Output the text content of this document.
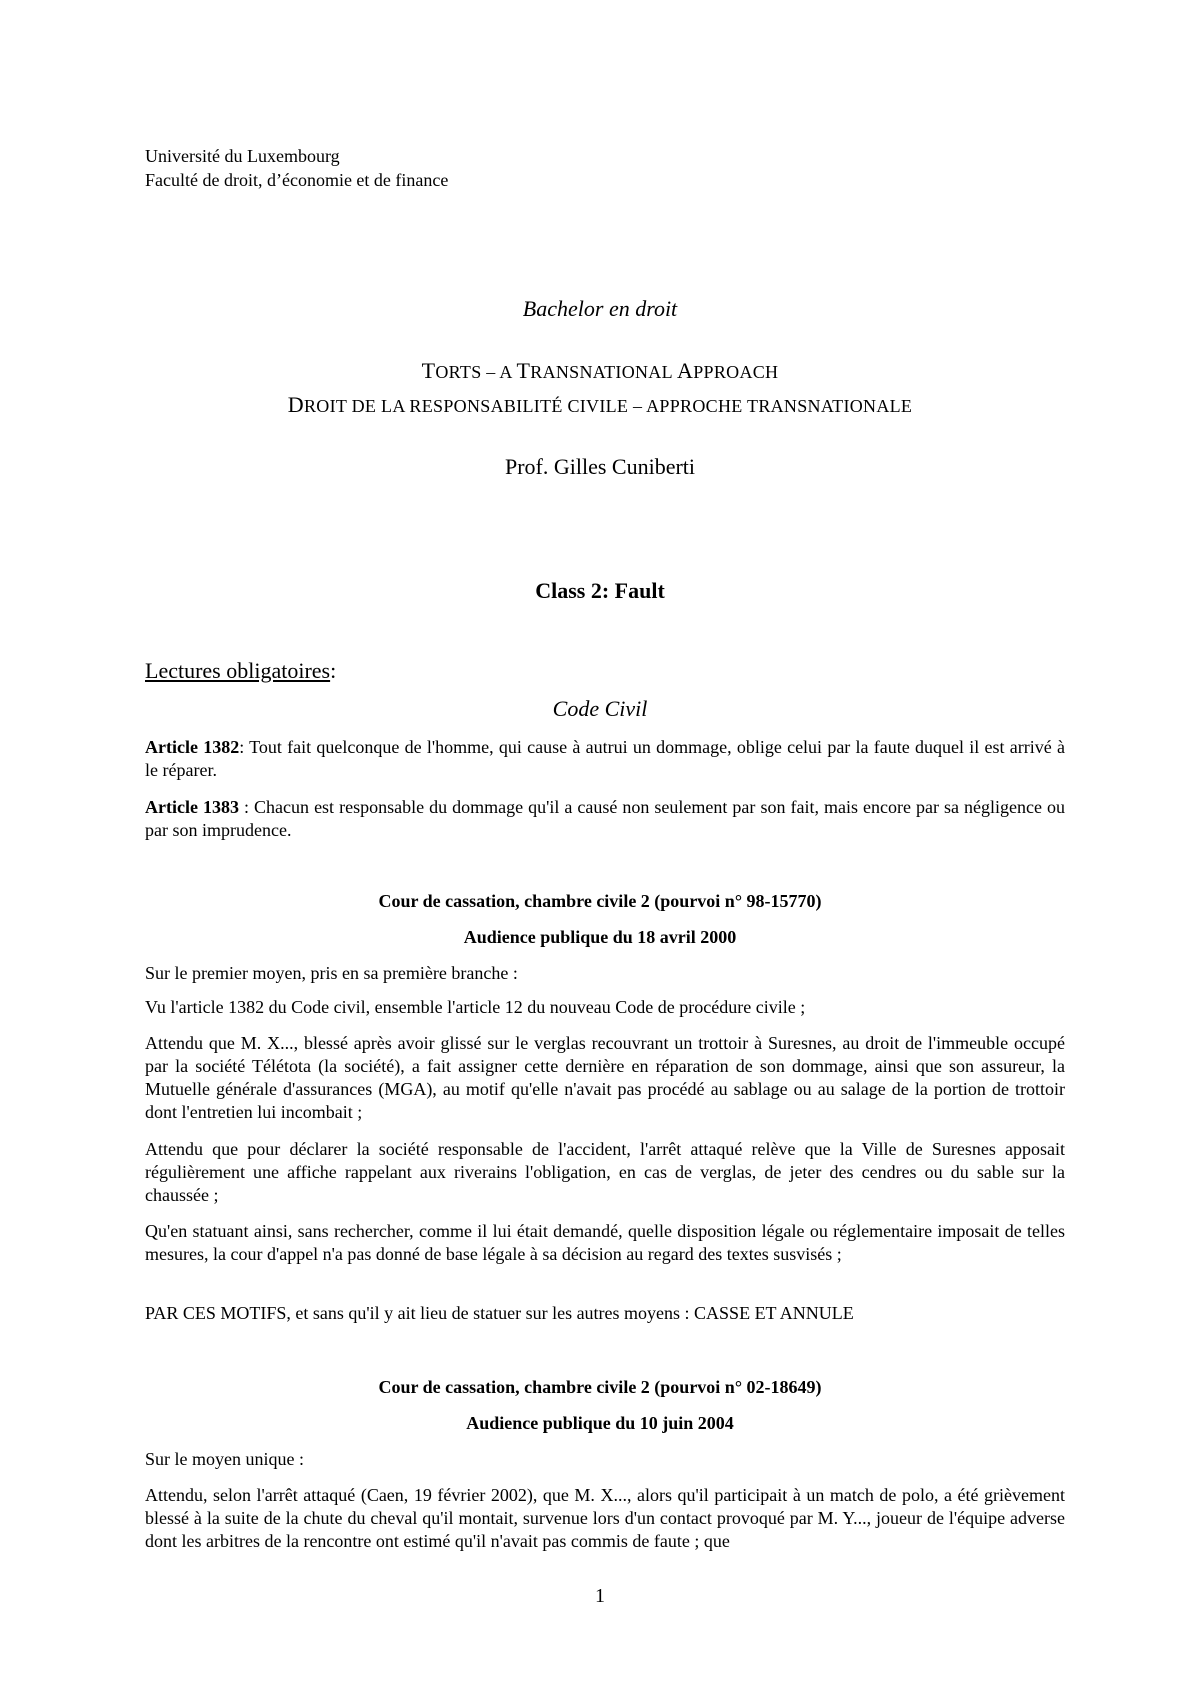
Université du Luxembourg
Faculté de droit, d’économie et de finance
Bachelor en droit
TORTS – A TRANSNATIONAL APPROACH
DROIT DE LA RESPONSABILITÉ CIVILE – APPROCHE TRANSNATIONALE
Prof. Gilles Cuniberti
Class 2: Fault
Lectures obligatoires:
Code Civil

Article 1382: Tout fait quelconque de l'homme, qui cause à autrui un dommage, oblige celui par la faute duquel il est arrivé à le réparer.

Article 1383 : Chacun est responsable du dommage qu'il a causé non seulement par son fait, mais encore par sa négligence ou par son imprudence.

Cour de cassation, chambre civile 2 (pourvoi n° 98-15770)
Audience publique du 18 avril 2000

Sur le premier moyen, pris en sa première branche :

Vu l'article 1382 du Code civil, ensemble l'article 12 du nouveau Code de procédure civile ;

Attendu que M. X..., blessé après avoir glissé sur le verglas recouvrant un trottoir à Suresnes, au droit de l'immeuble occupé par la société Télétota (la société), a fait assigner cette dernière en réparation de son dommage, ainsi que son assureur, la Mutuelle générale d'assurances (MGA), au motif qu'elle n'avait pas procédé au sablage ou au salage de la portion de trottoir dont l'entretien lui incombait ;

Attendu que pour déclarer la société responsable de l'accident, l'arrêt attaqué relève que la Ville de Suresnes apposait régulièrement une affiche rappelant aux riverains l'obligation, en cas de verglas, de jeter des cendres ou du sable sur la chaussée ;

Qu'en statuant ainsi, sans rechercher, comme il lui était demandé, quelle disposition légale ou réglementaire imposait de telles mesures, la cour d'appel n'a pas donné de base légale à sa décision au regard des textes susvisés ;

PAR CES MOTIFS, et sans qu'il y ait lieu de statuer sur les autres moyens : CASSE ET ANNULE

Cour de cassation, chambre civile 2 (pourvoi n° 02-18649)
Audience publique du 10 juin 2004

Sur le moyen unique :

Attendu, selon l'arrêt attaqué (Caen, 19 février 2002), que M. X..., alors qu'il participait à un match de polo, a été grièvement blessé à la suite de la chute du cheval qu'il montait, survenue lors d'un contact provoqué par M. Y..., joueur de l'équipe adverse dont les arbitres de la rencontre ont estimé qu'il n'avait pas commis de faute ; que

1
